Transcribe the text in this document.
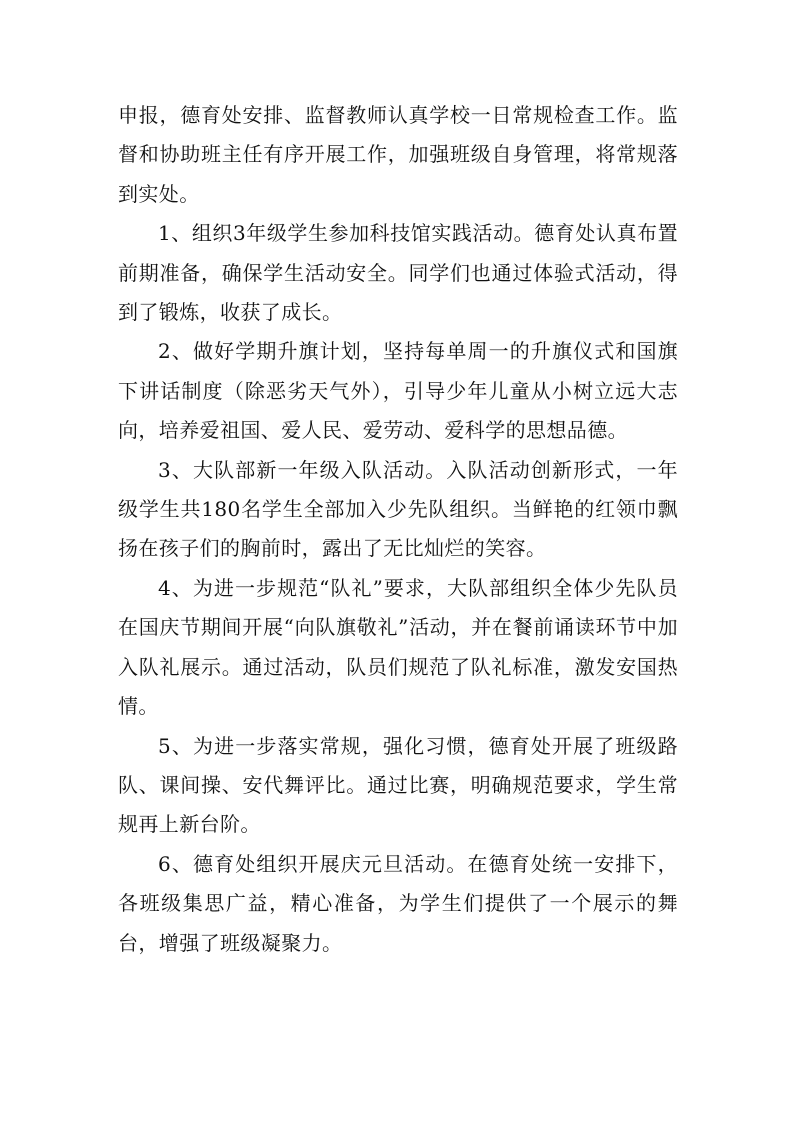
申报，德育处安排、监督教师认真学校一日常规检查工作。监督和协助班主任有序开展工作，加强班级自身管理，将常规落到实处。

1、组织3年级学生参加科技馆实践活动。德育处认真布置前期准备，确保学生活动安全。同学们也通过体验式活动，得到了锻炼，收获了成长。

2、做好学期升旗计划，坚持每单周一的升旗仪式和国旗下讲话制度（除恶劣天气外），引导少年儿童从小树立远大志向，培养爱祖国、爱人民、爱劳动、爱科学的思想品德。

3、大队部新一年级入队活动。入队活动创新形式，一年级学生共180名学生全部加入少先队组织。当鲜艳的红领巾飘扬在孩子们的胸前时，露出了无比灿烂的笑容。

4、为进一步规范“队礼”要求，大队部组织全体少先队员在国庆节期间开展“向队旗敬礼”活动，并在餐前诵读环节中加入队礼展示。通过活动，队员们规范了队礼标准，激发安国热情。

5、为进一步落实常规，强化习惯，德育处开展了班级路队、课间操、安代舞评比。通过比赛，明确规范要求，学生常规再上新台阶。

6、德育处组织开展庆元旦活动。在德育处统一安排下，各班级集思广益，精心准备，为学生们提供了一个展示的舞台，增强了班级凝聚力。
